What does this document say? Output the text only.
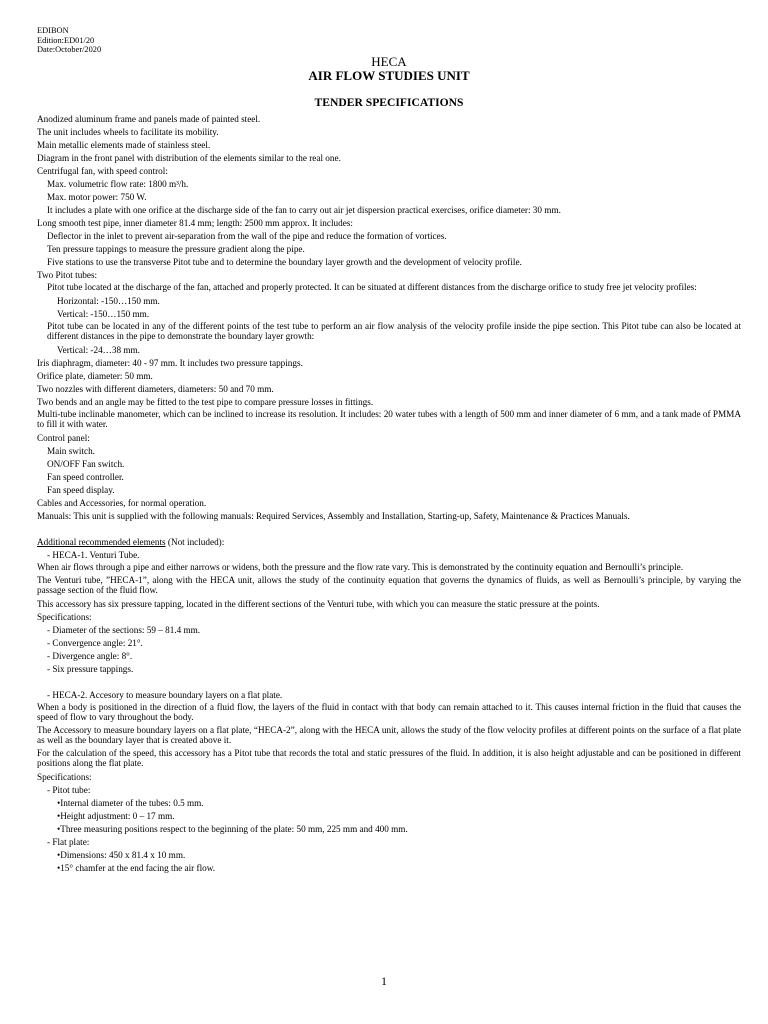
EDIBON
Edition:ED01/20
Date:October/2020
HECA
AIR FLOW STUDIES UNIT
TENDER SPECIFICATIONS
Anodized aluminum frame and panels made of painted steel.
The unit includes wheels to facilitate its mobility.
Main metallic elements made of stainless steel.
Diagram in the front panel with distribution of the elements similar to the real one.
Centrifugal fan, with speed control:
Max. volumetric flow rate: 1800 m³/h.
Max. motor power: 750 W.
It includes a plate with one orifice at the discharge side of the fan to carry out air jet dispersion practical exercises, orifice diameter: 30 mm.
Long smooth test pipe, inner diameter 81.4 mm; length: 2500 mm approx. It includes:
Deflector in the inlet to prevent air-separation from the wall of the pipe and reduce the formation of vortices.
Ten pressure tappings to measure the pressure gradient along the pipe.
Five stations to use the transverse Pitot tube and to determine the boundary layer growth and the development of velocity profile.
Two Pitot tubes:
Pitot tube located at the discharge of the fan, attached and properly protected. It can be situated at different distances from the discharge orifice to study free jet velocity profiles:
Horizontal: -150…150 mm.
Vertical: -150…150 mm.
Pitot tube can be located in any of the different points of the test tube to perform an air flow analysis of the velocity profile inside the pipe section. This Pitot tube can also be located at different distances in the pipe to demonstrate the boundary layer growth:
Vertical: -24…38 mm.
Iris diaphragm, diameter: 40 - 97 mm. It includes two pressure tappings.
Orifice plate, diameter: 50 mm.
Two nozzles with different diameters, diameters: 50 and 70 mm.
Two bends and an angle may be fitted to the test pipe to compare pressure losses in fittings.
Multi-tube inclinable manometer, which can be inclined to increase its resolution. It includes: 20 water tubes with a length of 500 mm and inner diameter of 6 mm, and a tank made of PMMA to fill it with water.
Control panel:
Main switch.
ON/OFF Fan switch.
Fan speed controller.
Fan speed display.
Cables and Accessories, for normal operation.
Manuals: This unit is supplied with the following manuals: Required Services, Assembly and Installation, Starting-up, Safety, Maintenance & Practices Manuals.
Additional recommended elements (Not included):
- HECA-1. Venturi Tube.
When air flows through a pipe and either narrows or widens, both the pressure and the flow rate vary. This is demonstrated by the continuity equation and Bernoulli’s principle.
The Venturi tube, ”HECA-1”, along with the HECA unit, allows the study of the continuity equation that governs the dynamics of fluids, as well as Bernoulli’s principle, by varying the passage section of the fluid flow.
This accessory has six pressure tapping, located in the different sections of the Venturi tube, with which you can measure the static pressure at the points.
Specifications:
- Diameter of the sections: 59 – 81.4 mm.
- Convergence angle: 21°.
- Divergence angle: 8°.
- Six pressure tappings.
- HECA-2. Accesory to measure boundary layers on a flat plate.
When a body is positioned in the direction of a fluid flow, the layers of the fluid in contact with that body can remain attached to it. This causes internal friction in the fluid that causes the speed of flow to vary throughout the body.
The Accessory to measure boundary layers on a flat plate, “HECA-2”, along with the HECA unit, allows the study of the flow velocity profiles at different points on the surface of a flat plate as well as the boundary layer that is created above it.
For the calculation of the speed, this accessory has a Pitot tube that records the total and static pressures of the fluid. In addition, it is also height adjustable and can be positioned in different positions along the flat plate.
Specifications:
- Pitot tube:
•Internal diameter of the tubes: 0.5 mm.
•Height adjustment: 0 – 17 mm.
•Three measuring positions respect to the beginning of the plate: 50 mm, 225 mm and 400 mm.
- Flat plate:
•Dimensions: 450 x 81.4 x 10 mm.
•15° chamfer at the end facing the air flow.
1
